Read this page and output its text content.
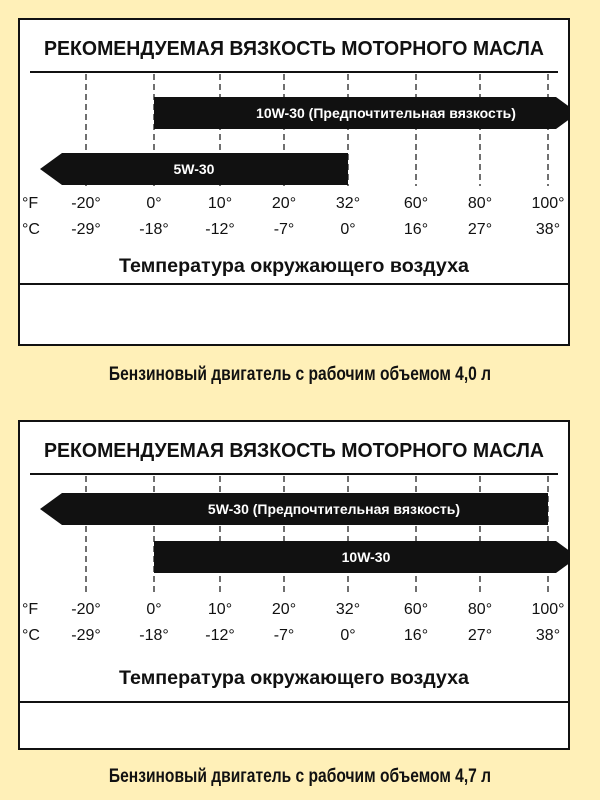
РЕКОМЕНДУЕМАЯ ВЯЗКОСТЬ МОТОРНОГО МАСЛА
10W-30 (Предпочтительная вязкость)
5W-30
°F
°C
-20°	0°	10° 20° 32°	60° 80° 100°
-29° -18° -12° -7°	0°	16° 27°	38°
Температура окружающего воздуха
Бензиновый двигатель с рабочим объемом 4,0 л
РЕКОМЕНДУЕМАЯ ВЯЗКОСТЬ МОТОРНОГО МАСЛА
5W-30 (Предпочтительная вязкость)
10W-30
°F
°C
-20°	0°	10° 20° 32°	60° 80° 100°
-29° -18° -12° -7°	0°	16° 27°	38°
Температура окружающего воздуха
Бензиновый двигатель с рабочим объемом 4,7 л
